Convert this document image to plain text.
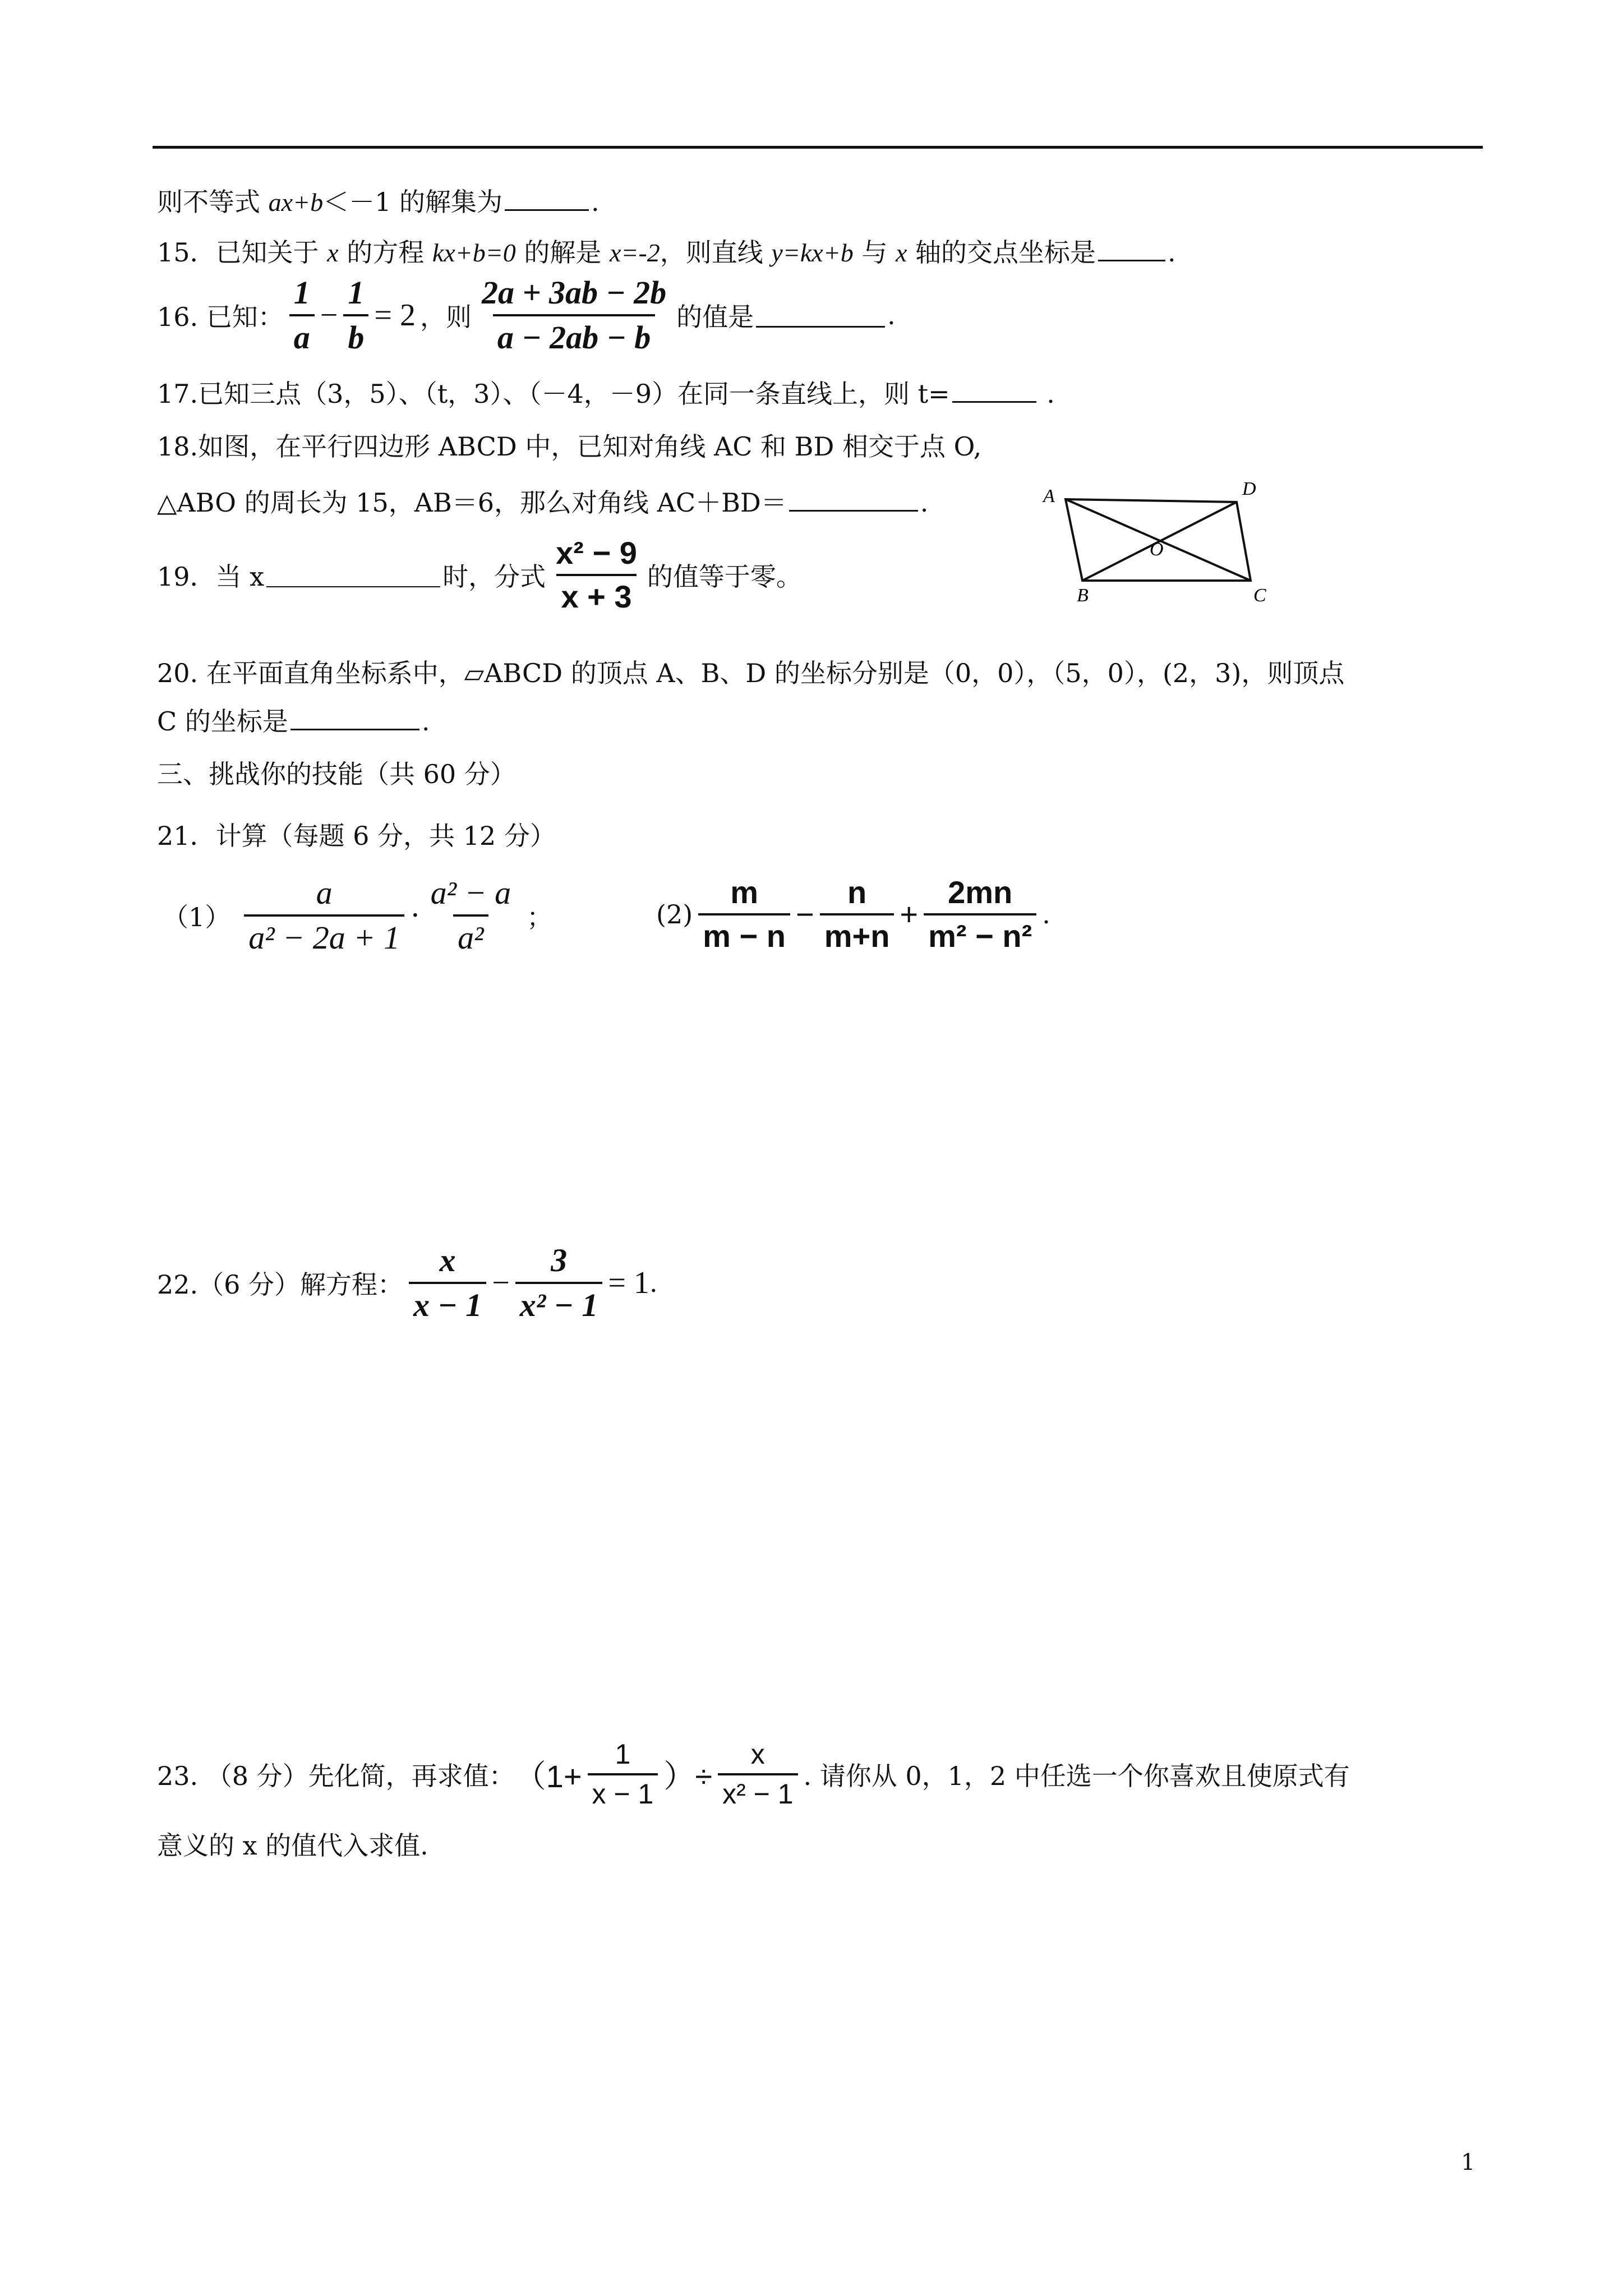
则不等式 ax+b＜－1 的解集为	.
15．已知关于 x 的方程 kx+b=0 的解是 x=-2，则直线 y=kx+b 与 x 轴的交点坐标是	.
16. 已知： $\frac{1}{a} - \frac{1}{b} = 2$ ，则 $\frac{2a + 3ab - 2b}{a - 2ab - b}$ 的值是	.
17.已知三点（3，5）、（t，3）、（－4，－9）在同一条直线上，则 t=	.
18.如图，在平行四边形 ABCD 中，已知对角线 AC 和 BD 相交于点 O,
△ABO 的周长为 15，AB＝6，那么对角线 AC＋BD＝	.	A	D
O
B	C
19．当 x	时，分式 $\frac{\text{x² − 9}}{x + 3}$ 的值等于零。
20. 在平面直角坐标系中，▱ABCD 的顶点 A、B、D 的坐标分别是（0，0），（5，0），(2，3)，则顶点
C 的坐标是	.
三、挑战你的技能（共 60 分）
21．计算（每题 6 分，共 12 分）
$(1) \frac{a}{\text{a² − 2a + 1}} \cdot \frac{\text{a² − a}}{\text{a²}}$ ；	$(2) \frac{m}{m - n} - \frac{n}{m+n} + \frac{2mn}{\text{m² − n²}}$ .
22.（6 分）解方程： $\frac{x}{x - 1} - \frac{3}{\text{x² − 1}} = 1$ .
23. （8 分）先化简，再求值： （$1+ \frac{1}{x - 1}$ ）÷ $\frac{x}{\text{x² − 1}}$ . 请你从 0，1，2 中任选一个你喜欢且使原式有
意义的 x 的值代入求值.
1
